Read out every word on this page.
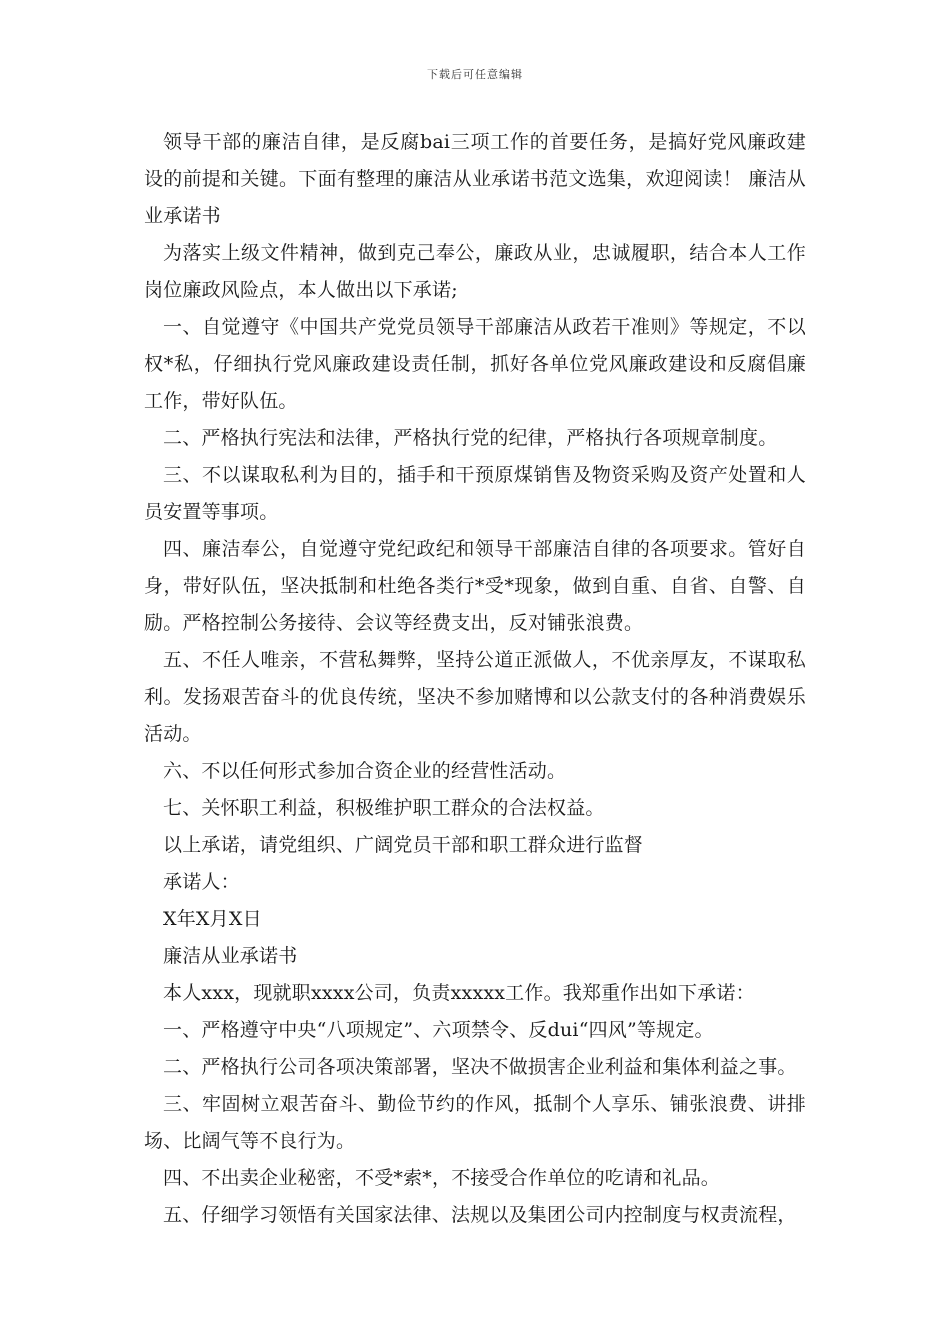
下载后可任意编辑

领导干部的廉洁自律，是反腐bai三项工作的首要任务，是搞好党风廉政建设的前提和关键。下面有整理的廉洁从业承诺书范文选集，欢迎阅读！ 廉洁从业承诺书

为落实上级文件精神，做到克己奉公，廉政从业，忠诚履职，结合本人工作岗位廉政风险点，本人做出以下承诺;

一、自觉遵守《中国共产党党员领导干部廉洁从政若干准则》等规定，不以权*私，仔细执行党风廉政建设责任制，抓好各单位党风廉政建设和反腐倡廉工作，带好队伍。

二、严格执行宪法和法律，严格执行党的纪律，严格执行各项规章制度。

三、不以谋取私利为目的，插手和干预原煤销售及物资采购及资产处置和人员安置等事项。

四、廉洁奉公，自觉遵守党纪政纪和领导干部廉洁自律的各项要求。管好自身，带好队伍，坚决抵制和杜绝各类行*受*现象，做到自重、自省、自警、自励。严格控制公务接待、会议等经费支出，反对铺张浪费。

五、不任人唯亲，不营私舞弊，坚持公道正派做人，不优亲厚友，不谋取私利。发扬艰苦奋斗的优良传统，坚决不参加赌博和以公款支付的各种消费娱乐活动。

六、不以任何形式参加合资企业的经营性活动。

七、关怀职工利益，积极维护职工群众的合法权益。

以上承诺，请党组织、广阔党员干部和职工群众进行监督

承诺人：

X年X月X日

廉洁从业承诺书

本人xxx，现就职xxxx公司，负责xxxxx工作。我郑重作出如下承诺：

一、严格遵守中央“八项规定”、六项禁令、反dui“四风”等规定。

二、严格执行公司各项决策部署，坚决不做损害企业利益和集体利益之事。

三、牢固树立艰苦奋斗、勤俭节约的作风，抵制个人享乐、铺张浪费、讲排场、比阔气等不良行为。

四、不出卖企业秘密，不受*索*，不接受合作单位的吃请和礼品。

五、仔细学习领悟有关国家法律、法规以及集团公司内控制度与权责流程，
